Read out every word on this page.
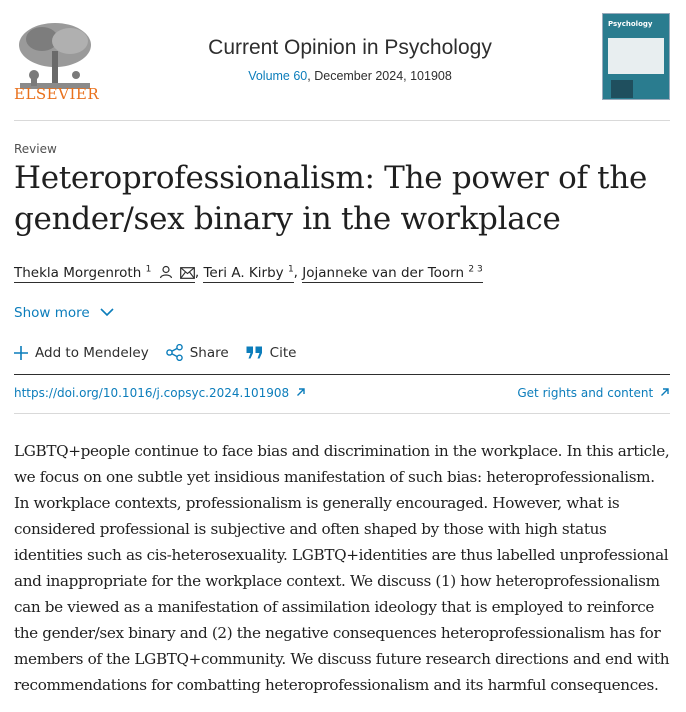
ELSEVIER
Current Opinion in Psychology
Volume 60, December 2024, 101908
Psychology
Review
Heteroprofessionalism: The power of the gender/sex binary in the workplace
Thekla Morgenroth $^1$	, Teri A. Kirby $^1$, Jojanneke van der Toorn $^{2 3}$
Show more
Add to Mendeley	Share	Cite
https://doi.org/10.1016/j.copsyc.2024.101908	Get rights and content
LGBTQ+people continue to face bias and discrimination in the workplace. In this article, we focus on one subtle yet insidious manifestation of such bias: heteroprofessionalism. In workplace contexts, professionalism is generally encouraged. However, what is considered professional is subjective and often shaped by those with high status identities such as cis-heterosexuality. LGBTQ+identities are thus labelled unprofessional and inappropriate for the workplace context. We discuss (1) how heteroprofessionalism can be viewed as a manifestation of assimilation ideology that is employed to reinforce the gender/sex binary and (2) the negative consequences heteroprofessionalism has for members of the LGBTQ+community. We discuss future research directions and end with recommendations for combatting heteroprofessionalism and its harmful consequences.
